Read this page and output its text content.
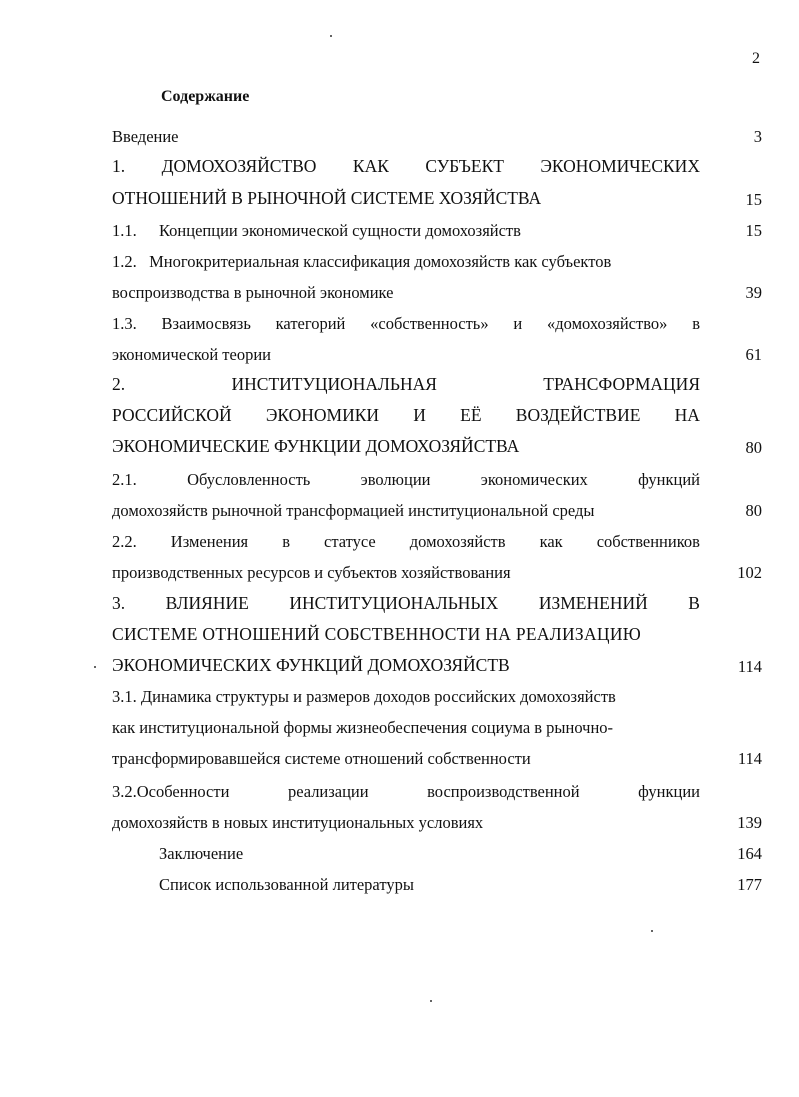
2
Содержание
Введение	3
1. ДОМОХОЗЯЙСТВО КАК СУБЪЕКТ ЭКОНОМИЧЕСКИХ
ОТНОШЕНИЙ В РЫНОЧНОЙ СИСТЕМЕ ХОЗЯЙСТВА	15
1.1. Концепции экономической сущности домохозяйств	15
1.2.   Многокритериальная классификация домохозяйств как субъектов
воспроизводства в рыночной экономике	39
1.3. Взаимосвязь категорий «собственность» и «домохозяйство» в
экономической теории	61
2.	ИНСТИТУЦИОНАЛЬНАЯ	ТРАНСФОРМАЦИЯ
РОССИЙСКОЙ ЭКОНОМИКИ И ЕЁ ВОЗДЕЙСТВИЕ НА
ЭКОНОМИЧЕСКИЕ ФУНКЦИИ ДОМОХОЗЯЙСТВА	80
2.1.	Обусловленность	эволюции	экономических	функций
домохозяйств рыночной трансформацией институциональной среды	80
2.2. Изменения в статусе домохозяйств как собственников
производственных ресурсов и субъектов хозяйствования	102
3. ВЛИЯНИЕ ИНСТИТУЦИОНАЛЬНЫХ ИЗМЕНЕНИЙ В
СИСТЕМЕ ОТНОШЕНИЙ СОБСТВЕННОСТИ НА РЕАЛИЗАЦИЮ
ЭКОНОМИЧЕСКИХ ФУНКЦИЙ ДОМОХОЗЯЙСТВ	114
3.1. Динамика структуры и размеров доходов российских домохозяйств
как институциональной формы жизнеобеспечения социума в рыночно-
трансформировавшейся системе отношений собственности	114
3.2.Особенности	реализации	воспроизводственной	функции
домохозяйств в новых институциональных условиях	139
Заключение	164
Список использованной литературы	177
